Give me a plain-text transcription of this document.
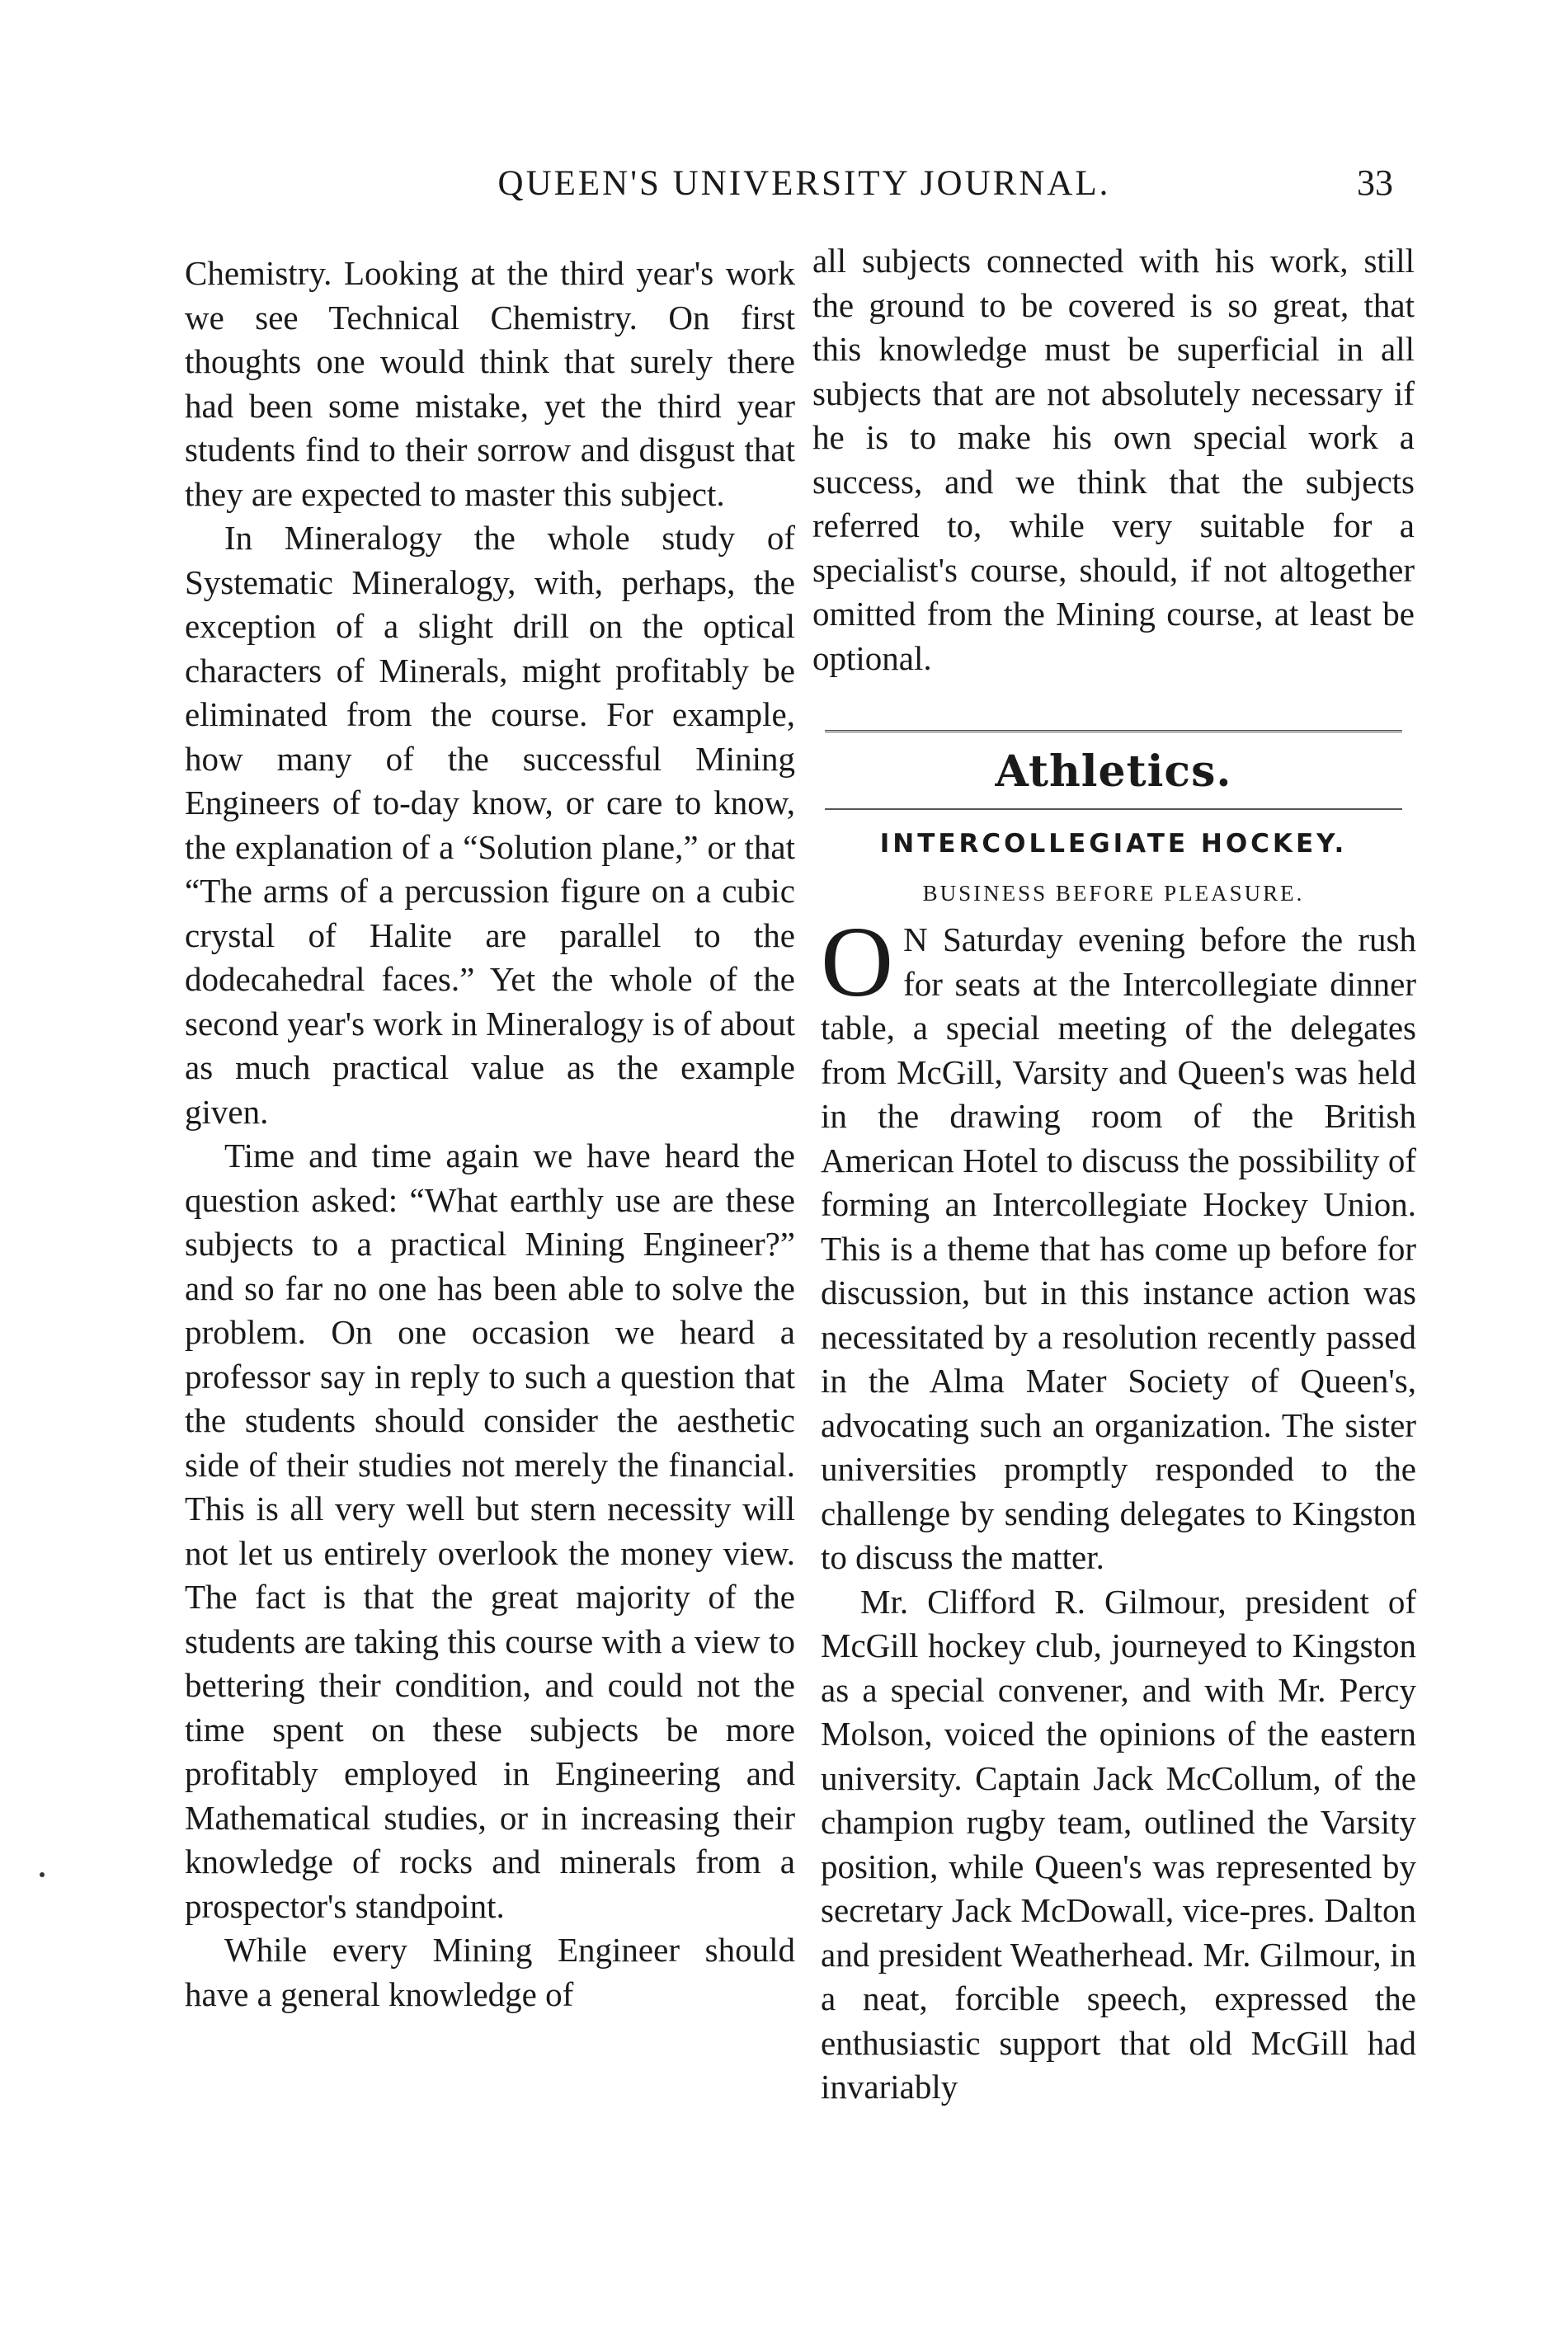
QUEEN'S UNIVERSITY JOURNAL.	33

Chemistry. Looking at the third year's work we see Technical Chemistry. On first thoughts one would think that surely there had been some mistake, yet the third year students find to their sorrow and disgust that they are expected to master this subject.

In Mineralogy the whole study of Systematic Mineralogy, with, perhaps, the exception of a slight drill on the optical characters of Minerals, might profitably be eliminated from the course. For example, how many of the successful Mining Engineers of to-day know, or care to know, the explanation of a “Solution plane,” or that “The arms of a percussion figure on a cubic crystal of Halite are parallel to the dodecahedral faces.” Yet the whole of the second year's work in Mineralogy is of about as much practical value as the example given.

Time and time again we have heard the question asked: “What earthly use are these subjects to a practical Mining Engineer?” and so far no one has been able to solve the problem. On one occasion we heard a professor say in reply to such a question that the students should consider the aesthetic side of their studies not merely the financial. This is all very well but stern necessity will not let us entirely overlook the money view. The fact is that the great majority of the students are taking this course with a view to bettering their condition, and could not the time spent on these subjects be more profitably employed in Engineering and Mathematical studies, or in increasing their knowledge of rocks and minerals from a prospector's standpoint.

While every Mining Engineer should have a general knowledge of

all subjects connected with his work, still the ground to be covered is so great, that this knowledge must be superficial in all subjects that are not absolutely necessary if he is to make his own special work a success, and we think that the subjects referred to, while very suitable for a specialist's course, should, if not altogether omitted from the Mining course, at least be optional.

Athletics.
INTERCOLLEGIATE HOCKEY.
BUSINESS BEFORE PLEASURE.

O N Saturday evening before the rush for seats at the Intercollegiate dinner table, a special meeting of the delegates from McGill, Varsity and Queen's was held in the drawing room of the British American Hotel to discuss the possibility of forming an Intercollegiate Hockey Union. This is a theme that has come up before for discussion, but in this instance action was necessitated by a resolution recently passed in the Alma Mater Society of Queen's, advocating such an organization. The sister universities promptly responded to the challenge by sending delegates to Kingston to discuss the matter.

Mr. Clifford R. Gilmour, president of McGill hockey club, journeyed to Kingston as a special convener, and with Mr. Percy Molson, voiced the opinions of the eastern university. Captain Jack McCollum, of the champion rugby team, outlined the Varsity position, while Queen's was represented by secretary Jack McDowall, vice-pres. Dalton and president Weatherhead. Mr. Gilmour, in a neat, forcible speech, expressed the enthusiastic support that old McGill had invariably
